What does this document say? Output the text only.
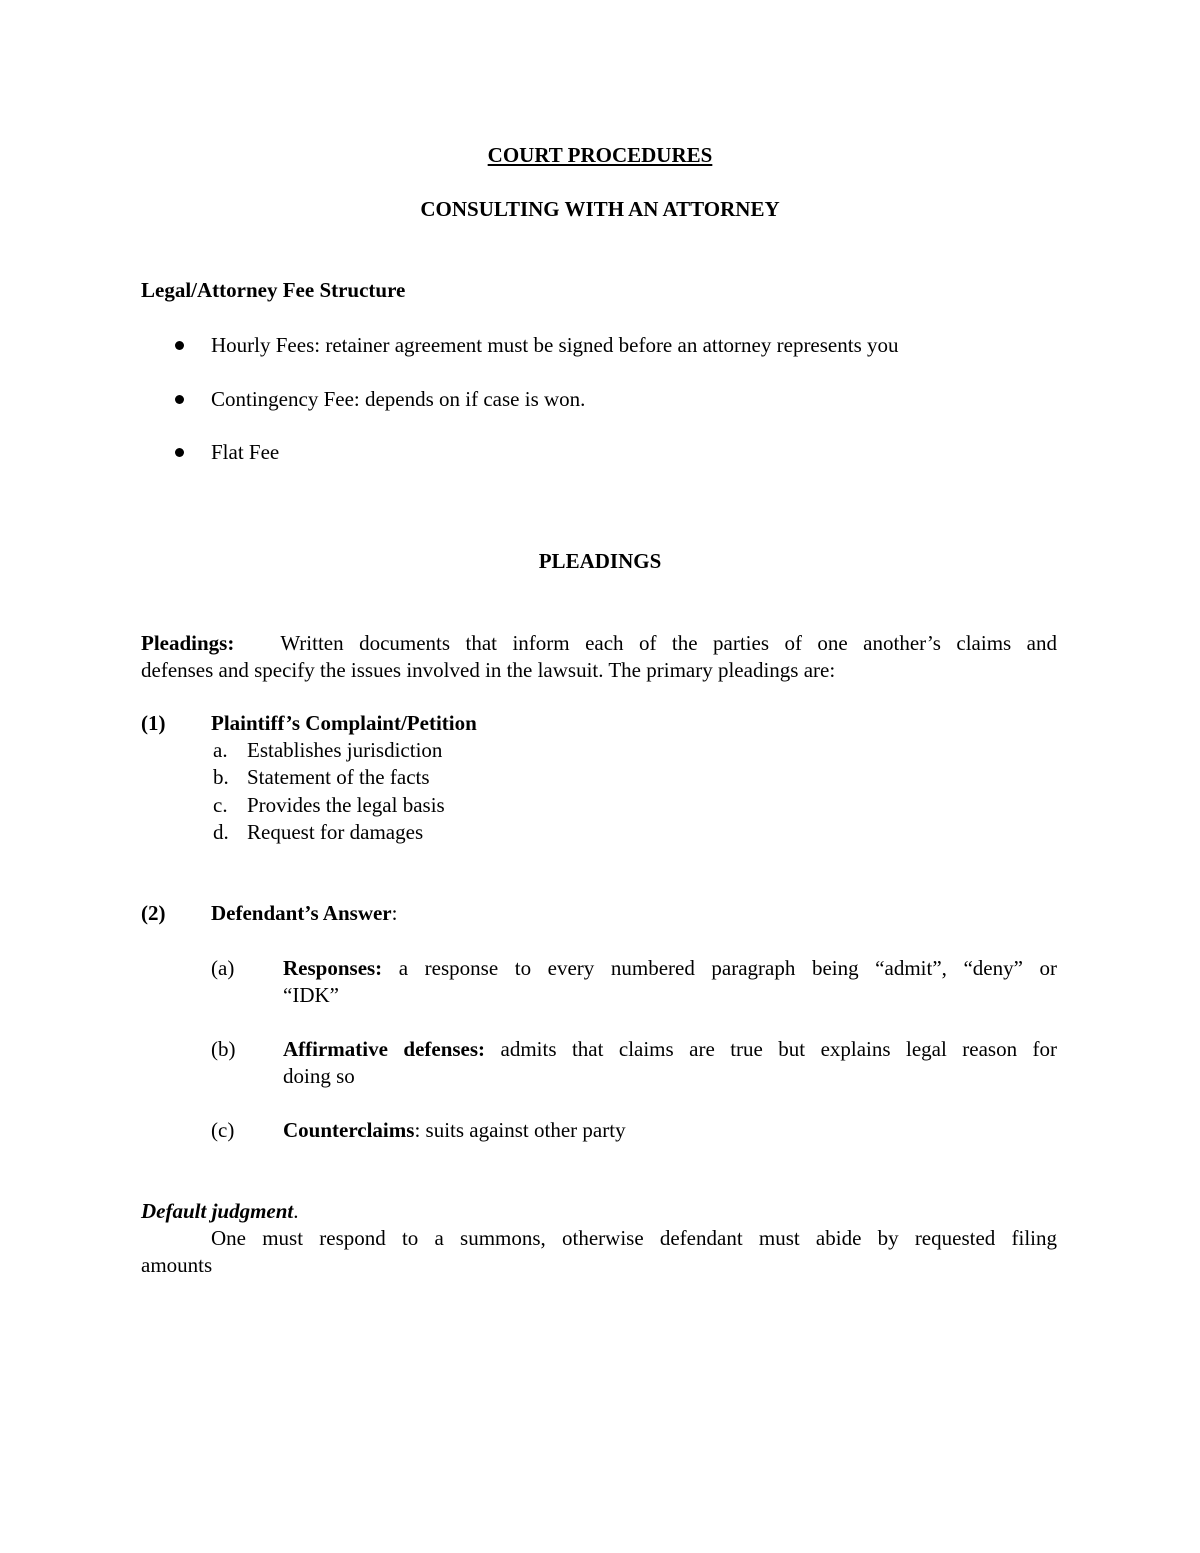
COURT PROCEDURES
CONSULTING WITH AN ATTORNEY
Legal/Attorney Fee Structure
Hourly Fees: retainer agreement must be signed before an attorney represents you
Contingency Fee: depends on if case is won.
Flat Fee
PLEADINGS
Pleadings: Written documents that inform each of the parties of one another’s claims and
defenses and specify the issues involved in the lawsuit. The primary pleadings are:
(1) Plaintiff’s Complaint/Petition
a. Establishes jurisdiction
b. Statement of the facts
c. Provides the legal basis
d. Request for damages
(2) Defendant’s Answer:
(a) Responses: a response to every numbered paragraph being “admit”, “deny” or
“IDK”
(b) Affirmative defenses: admits that claims are true but explains legal reason for
doing so
(c) Counterclaims: suits against other party
Default judgment.
One must respond to a summons, otherwise defendant must abide by requested filing
amounts
